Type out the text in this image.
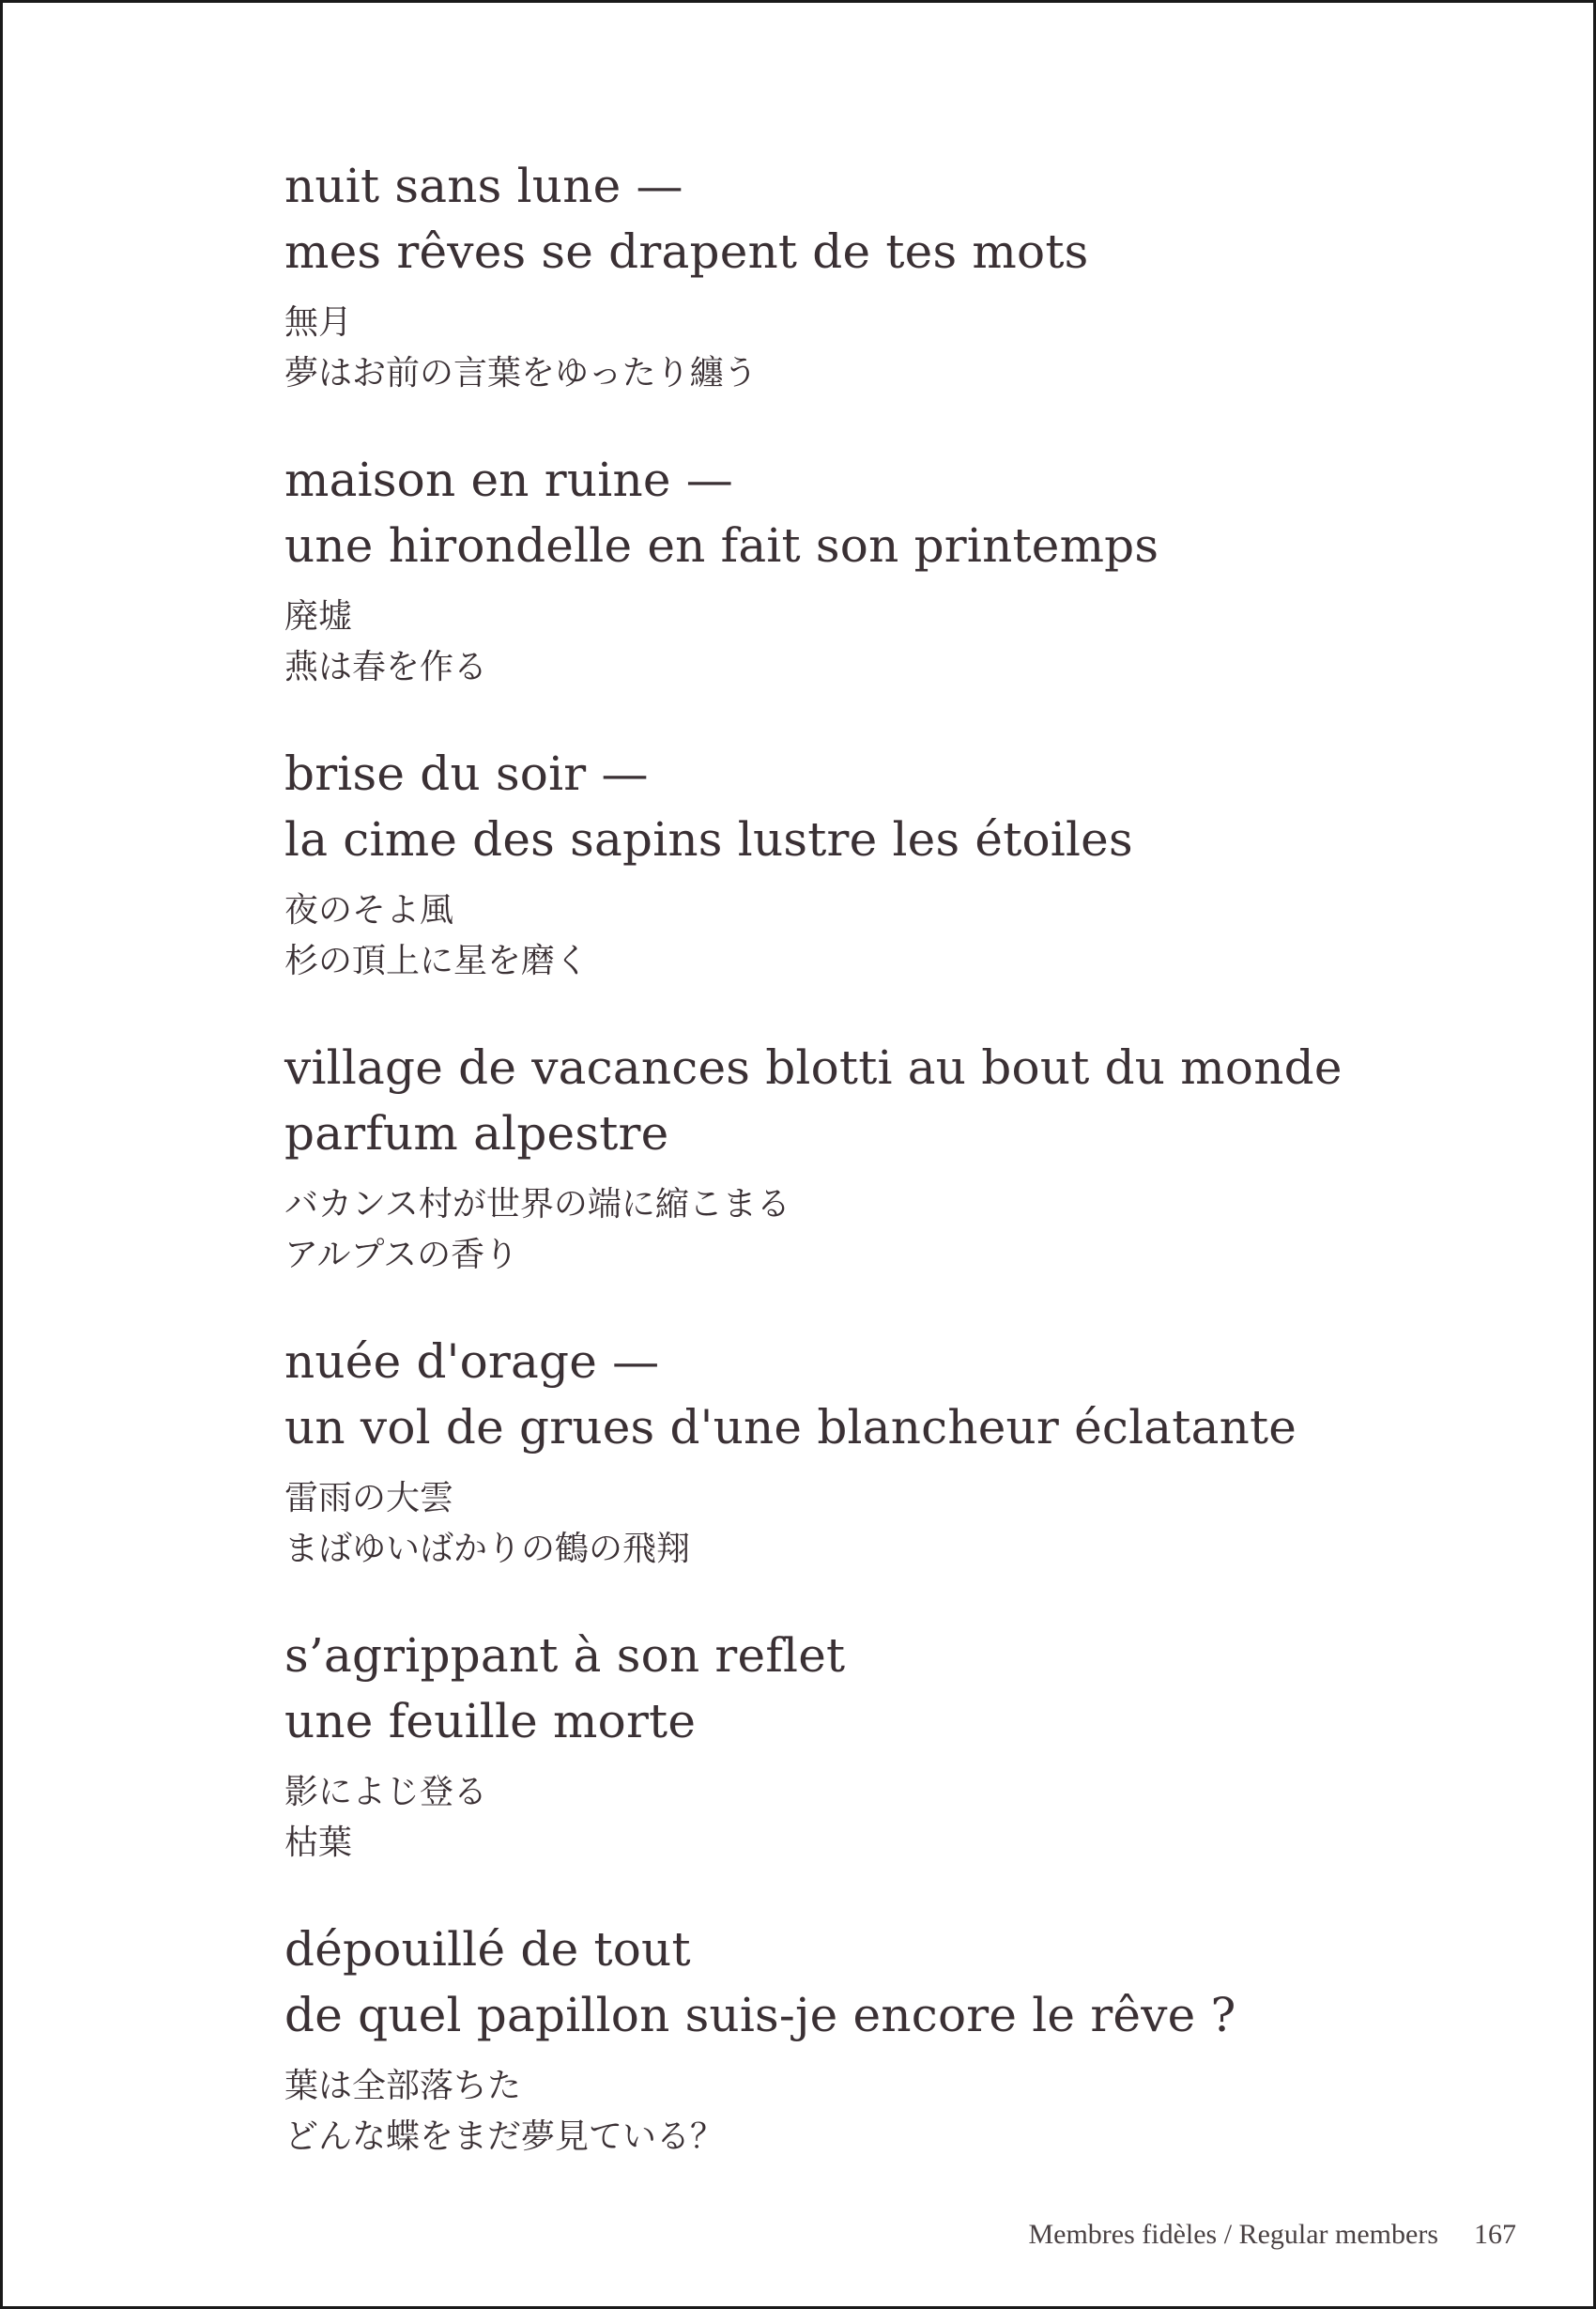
nuit sans lune —

mes rêves se drapent de tes mots

無月

夢はお前の言葉をゆったり纏う

maison en ruine —

une hirondelle en fait son printemps

廃墟

燕は春を作る

brise du soir —

la cime des sapins lustre les étoiles

夜のそよ風

杉の頂上に星を磨く

village de vacances blotti au bout du monde

parfum alpestre

バカンス村が世界の端に縮こまる

アルプスの香り

nuée d'orage —

un vol de grues d'une blancheur éclatante

雷雨の大雲

まばゆいばかりの鶴の飛翔

s’agrippant à son reflet

une feuille morte

影によじ登る

枯葉

dépouillé de tout

de quel papillon suis-je encore le rêve ?

葉は全部落ちた

どんな蝶をまだ夢見ている？

Membres fidèles / Regular members 167
